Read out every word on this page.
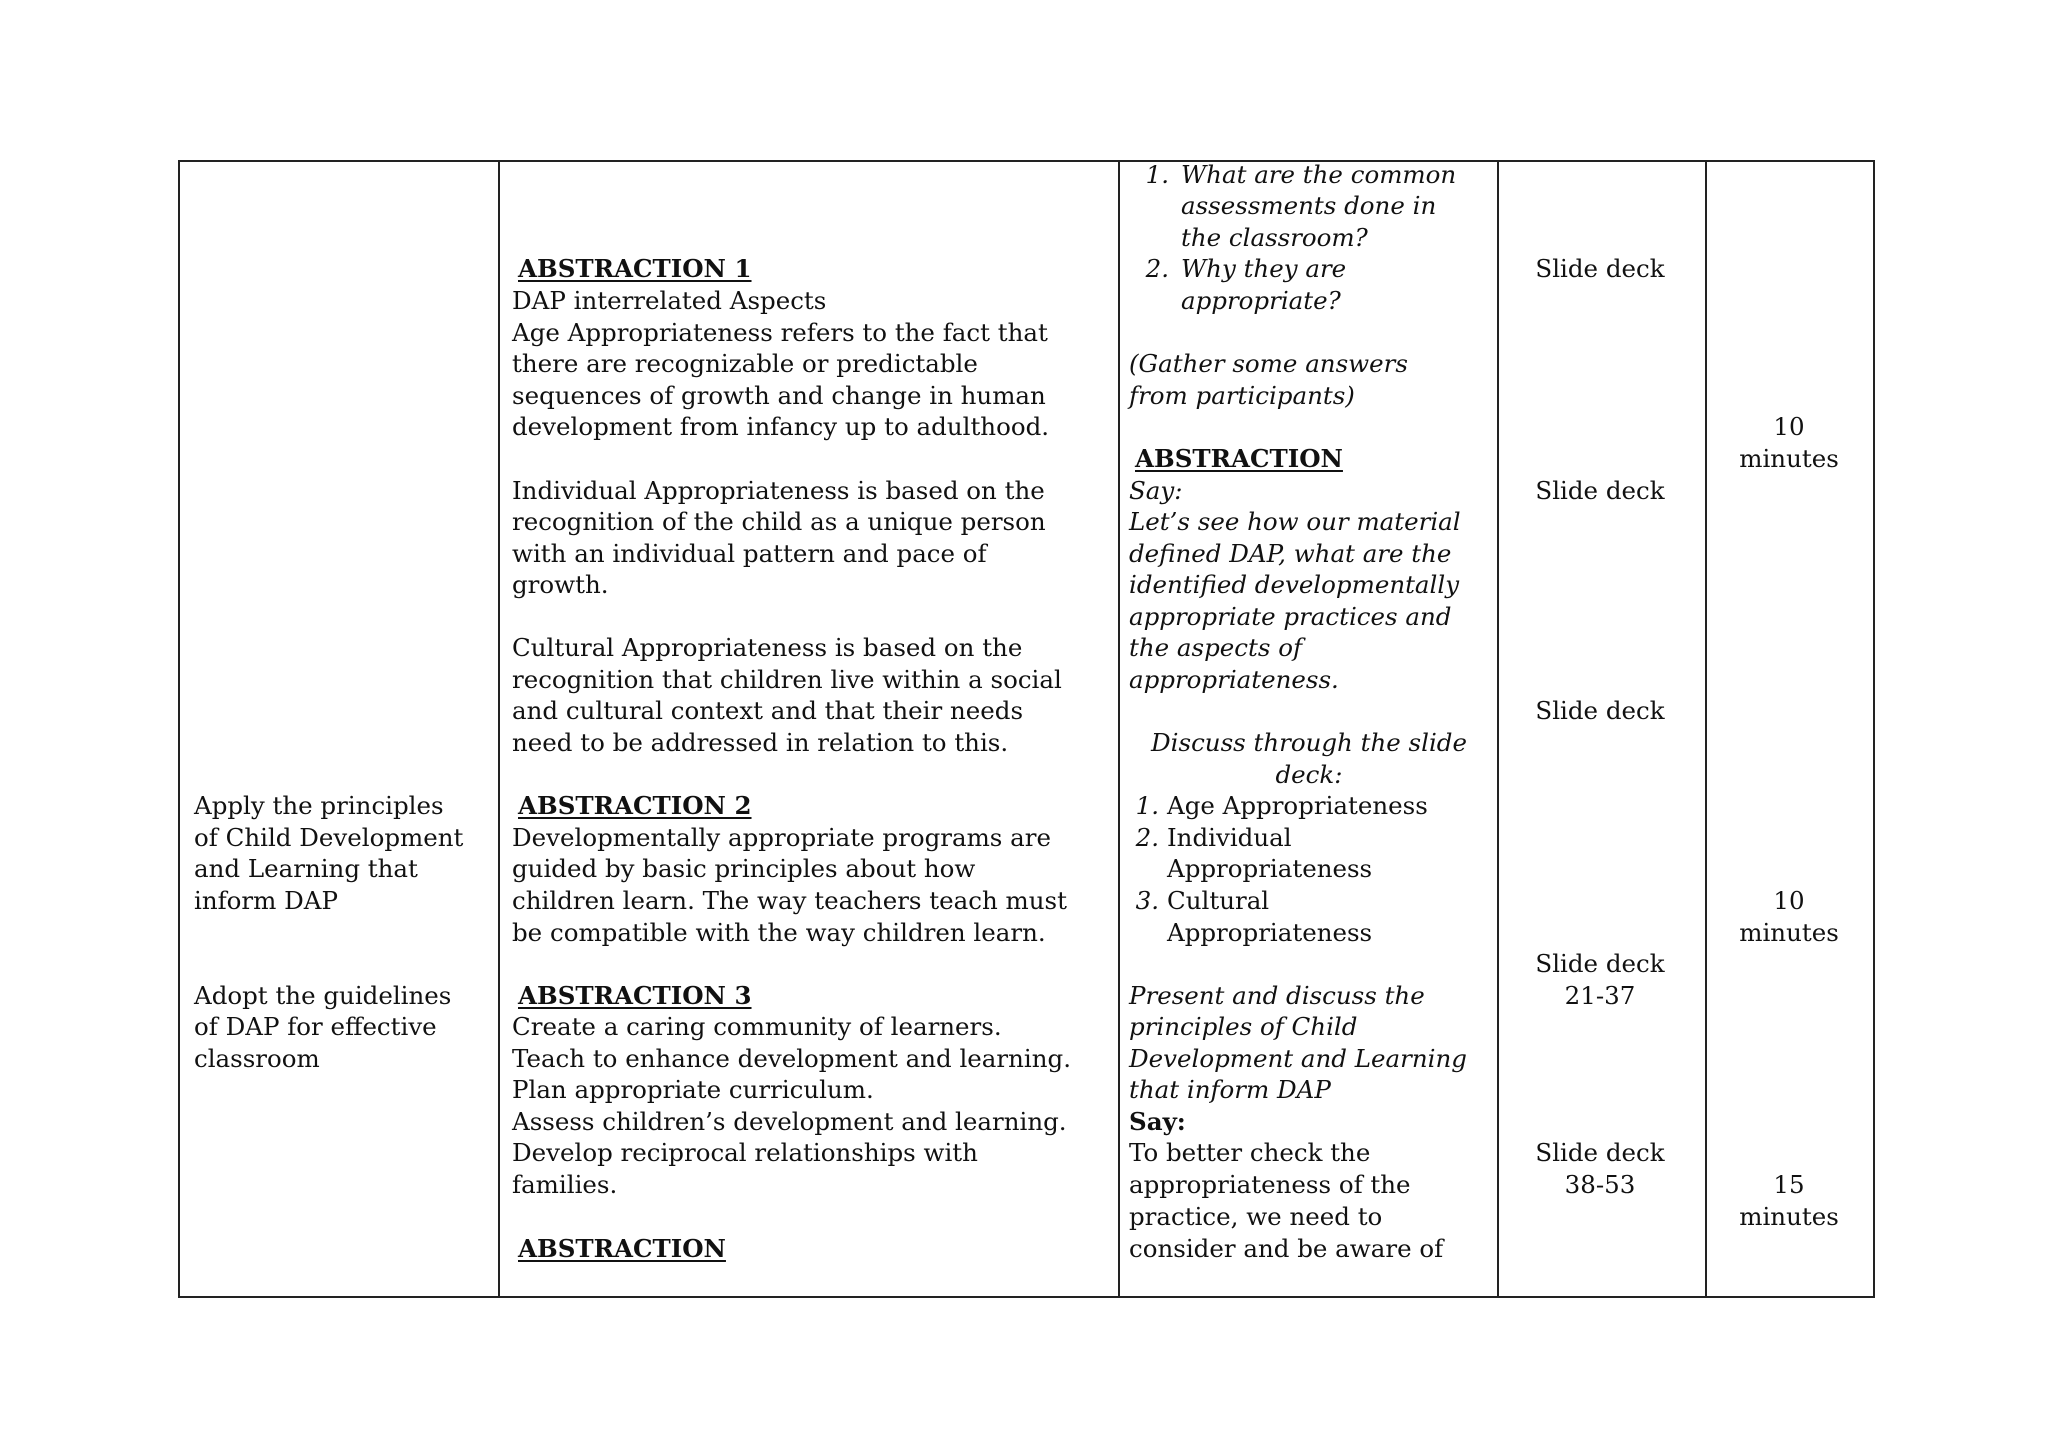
Apply the principles
of Child Development
and Learning that
inform DAP
Adopt the guidelines
of DAP for effective
classroom
ABSTRACTION 1
DAP interrelated Aspects
Age Appropriateness refers to the fact that
there are recognizable or predictable
sequences of growth and change in human
development from infancy up to adulthood.
Individual Appropriateness is based on the
recognition of the child as a unique person
with an individual pattern and pace of
growth.
Cultural Appropriateness is based on the
recognition that children live within a social
and cultural context and that their needs
need to be addressed in relation to this.
ABSTRACTION 2
Developmentally appropriate programs are
guided by basic principles about how
children learn. The way teachers teach must
be compatible with the way children learn.
ABSTRACTION 3
Create a caring community of learners.
Teach to enhance development and learning.
Plan appropriate curriculum.
Assess children’s development and learning.
Develop reciprocal relationships with
families.
ABSTRACTION
1. What are the common
assessments done in
the classroom?
2. Why they are
appropriate?
(Gather some answers
from participants)
ABSTRACTION
Say:
Let’s see how our material
defined DAP, what are the
identified developmentally
appropriate practices and
the aspects of
appropriateness.
Discuss through the slide
deck:
1. Age Appropriateness
2. Individual
Appropriateness
3. Cultural
Appropriateness
Present and discuss the
principles of Child
Development and Learning
that inform DAP
Say:
To better check the
appropriateness of the
practice, we need to
consider and be aware of
Slide deck
Slide deck
Slide deck
Slide deck
21-37
Slide deck
38-53
10
minutes
10
minutes
15
minutes
